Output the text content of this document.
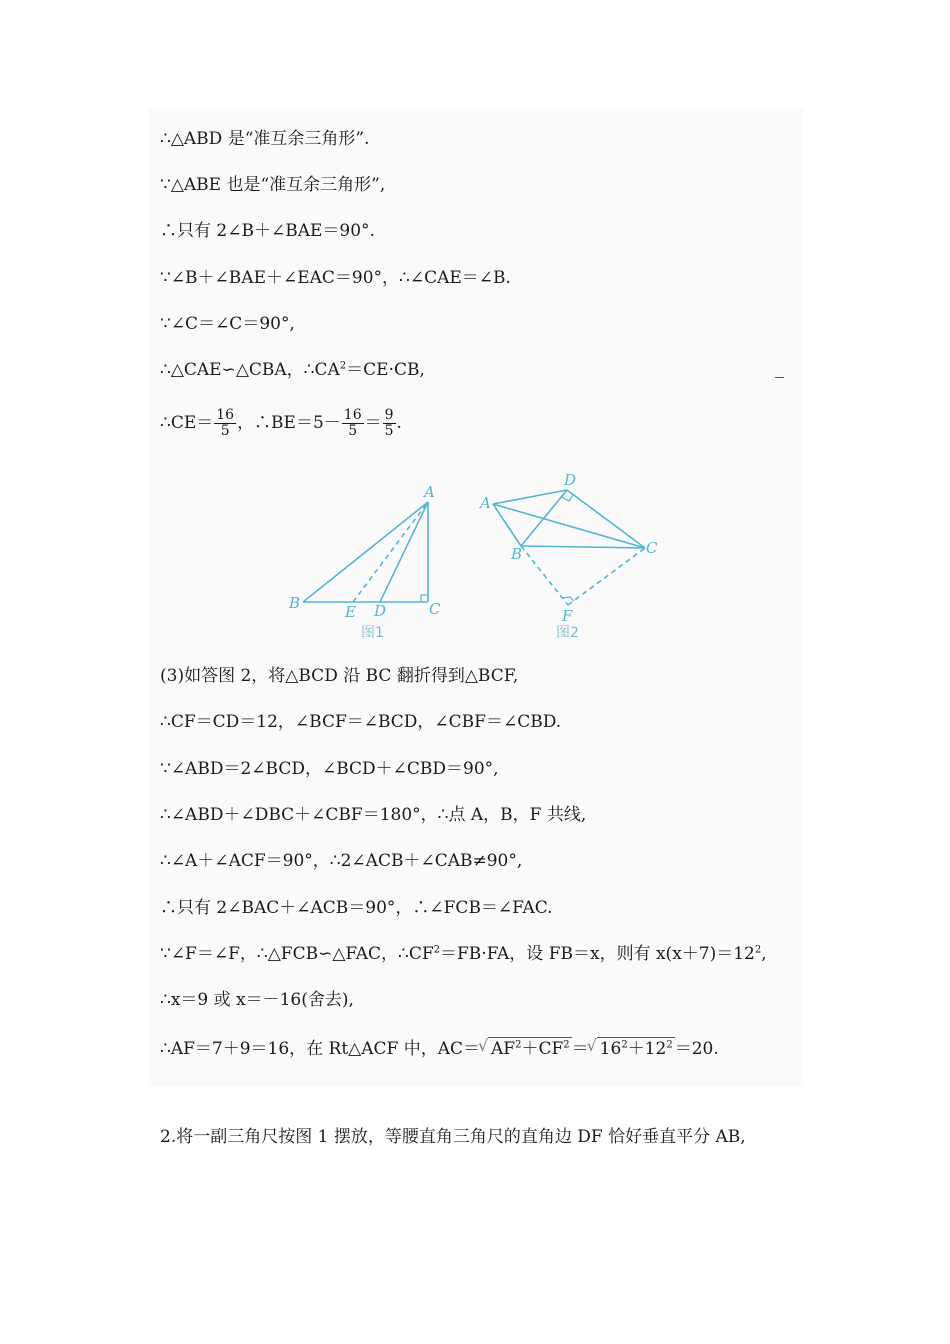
∴△ABD 是“准互余三角形”.
∵△ABE 也是“准互余三角形”,
∴只有 2∠B＋∠BAE＝90°.
∵∠B＋∠BAE＋∠EAC＝90°，∴∠CAE＝∠B.
∵∠C＝∠C＝90°,
∴△CAE∽△CBA，$\therefore CA^2=CE\cdot CB$,
∴CE＝ $\frac{16}{5}$ ，∴BE＝5－ $\frac{16}{5} = \frac{9}{5}$ .
A
B	C
D
E
图1
A
B	C
D
F
图2
(3)如答图 2，将△BCD 沿 BC 翻折得到△BCF,
∴CF＝CD＝12，∠BCF＝∠BCD，∠CBF＝∠CBD.
∵∠ABD＝2∠BCD，∠BCD＋∠CBD＝90°,
∴∠ABD＋∠DBC＋∠CBF＝180°，∴点 A，B，F 共线,
∴∠A＋∠ACF＝90°，∴2∠ACB＋∠CAB≠90°,
∴只有 2∠BAC＋∠ACB＝90°，∴∠FCB＝∠FAC.
∵∠F＝∠F，∴△FCB∽△FAC，$\therefore CF^2=FB\cdot FA$，设 FB＝x，则有 $x(x+7)=12^2$,
∴x＝9 或 x＝－16(舍去),
∴AF＝7＋9＝16，在 Rt△ACF 中，AC＝ √ $AF^2+CF^2$ ＝ √ $16^2+12^2 =20$.
2.将一副三角尺按图 1 摆放，等腰直角三角尺的直角边 DF 恰好垂直平分 AB,
